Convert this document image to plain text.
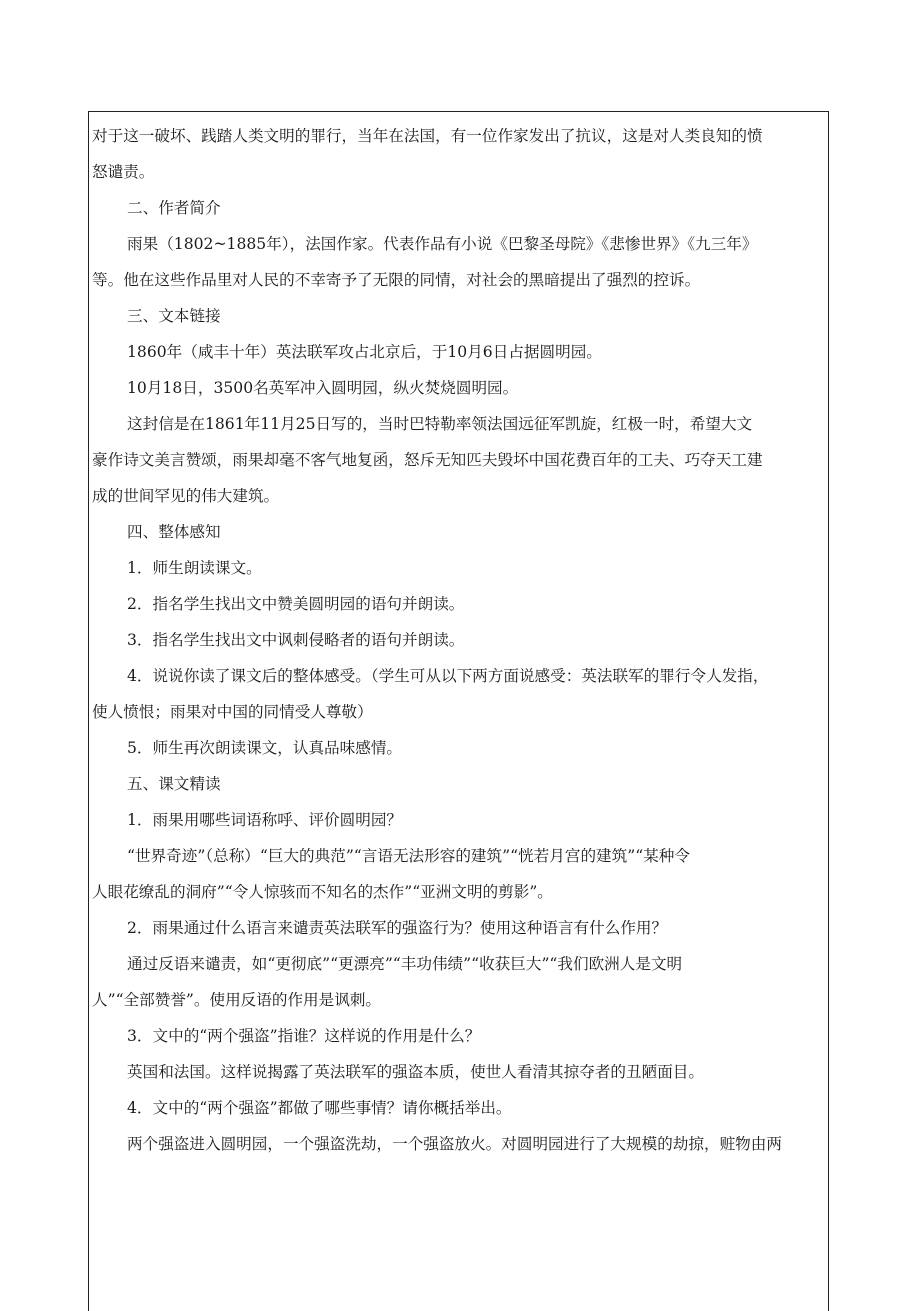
对于这一破坏、践踏人类文明的罪行，当年在法国，有一位作家发出了抗议，这是对人类良知的愤

怒谴责。

二、作者简介

雨果（1802~1885年），法国作家。代表作品有小说《巴黎圣母院》《悲惨世界》《九三年》

等。他在这些作品里对人民的不幸寄予了无限的同情，对社会的黑暗提出了强烈的控诉。

三、文本链接

1860年（咸丰十年）英法联军攻占北京后，于10月6日占据圆明园。

10月18日，3500名英军冲入圆明园，纵火焚烧圆明园。

这封信是在1861年11月25日写的，当时巴特勒率领法国远征军凯旋，红极一时，希望大文

豪作诗文美言赞颂，雨果却毫不客气地复函，怒斥无知匹夫毁坏中国花费百年的工夫、巧夺天工建

成的世间罕见的伟大建筑。

四、整体感知

1．师生朗读课文。

2．指名学生找出文中赞美圆明园的语句并朗读。

3．指名学生找出文中讽刺侵略者的语句并朗读。

4．说说你读了课文后的整体感受。（学生可从以下两方面说感受：英法联军的罪行令人发指，

使人愤恨；雨果对中国的同情受人尊敬）

5．师生再次朗读课文，认真品味感情。

五、课文精读

1．雨果用哪些词语称呼、评价圆明园？

“世界奇迹”（总称）“巨大的典范”“言语无法形容的建筑”“恍若月宫的建筑”“某种令

人眼花缭乱的洞府”“令人惊骇而不知名的杰作”“亚洲文明的剪影”。

2．雨果通过什么语言来谴责英法联军的强盗行为？使用这种语言有什么作用？

通过反语来谴责，如“更彻底”“更漂亮”“丰功伟绩”“收获巨大”“我们欧洲人是文明

人”“全部赞誉”。使用反语的作用是讽刺。

3．文中的“两个强盗”指谁？这样说的作用是什么？

英国和法国。这样说揭露了英法联军的强盗本质，使世人看清其掠夺者的丑陋面目。

4．文中的“两个强盗”都做了哪些事情？请你概括举出。

两个强盗进入圆明园，一个强盗洗劫，一个强盗放火。对圆明园进行了大规模的劫掠，赃物由两
